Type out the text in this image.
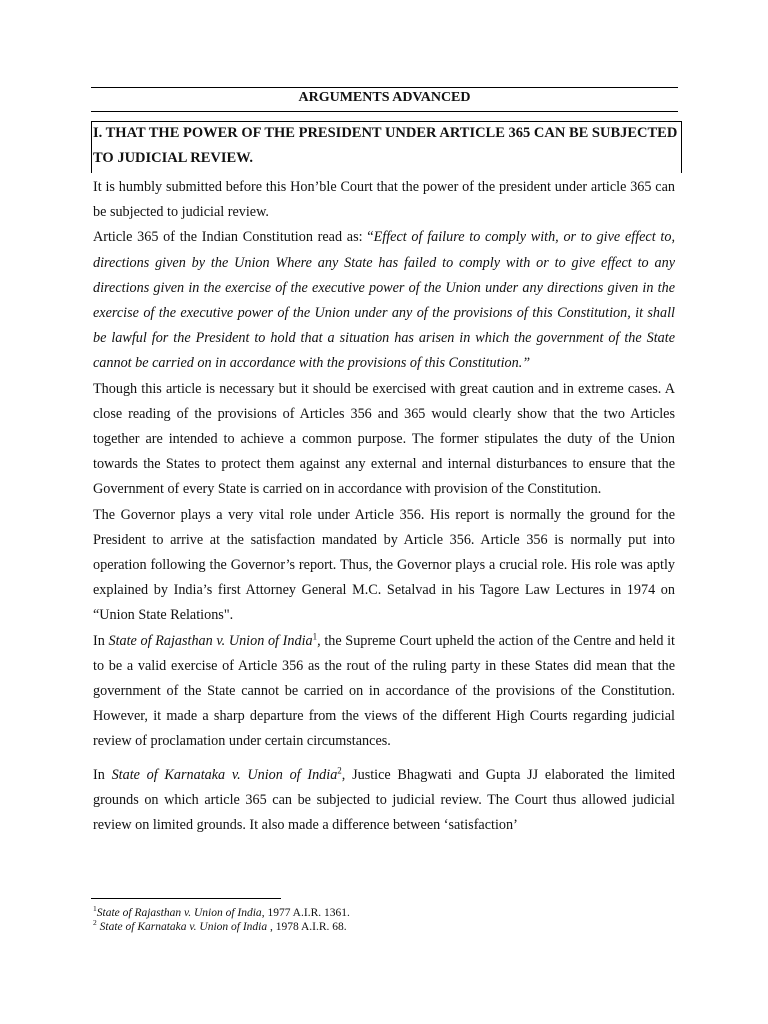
ARGUMENTS ADVANCED
I. THAT THE POWER OF THE PRESIDENT UNDER ARTICLE 365 CAN BE SUBJECTED TO JUDICIAL REVIEW.

It is humbly submitted before this Hon’ble Court that the power of the president under article 365 can be subjected to judicial review.

Article 365 of the Indian Constitution read as: “Effect of failure to comply with, or to give effect to, directions given by the Union Where any State has failed to comply with or to give effect to any directions given in the exercise of the executive power of the Union under any directions given in the exercise of the executive power of the Union under any of the provisions of this Constitution, it shall be lawful for the President to hold that a situation has arisen in which the government of the State cannot be carried on in accordance with the provisions of this Constitution.”

Though this article is necessary but it should be exercised with great caution and in extreme cases. A close reading of the provisions of Articles 356 and 365 would clearly show that the two Articles together are intended to achieve a common purpose. The former stipulates the duty of the Union towards the States to protect them against any external and internal disturbances to ensure that the Government of every State is carried on in accordance with provision of the Constitution.

The Governor plays a very vital role under Article 356. His report is normally the ground for the President to arrive at the satisfaction mandated by Article 356. Article 356 is normally put into operation following the Governor’s report. Thus, the Governor plays a crucial role. His role was aptly explained by India’s first Attorney General M.C. Setalvad in his Tagore Law Lectures in 1974 on “Union State Relations".

In State of Rajasthan v. Union of India$^1$, the Supreme Court upheld the action of the Centre and held it to be a valid exercise of Article 356 as the rout of the ruling party in these States did mean that the government of the State cannot be carried on in accordance of the provisions of the Constitution. However, it made a sharp departure from the views of the different High Courts regarding judicial review of proclamation under certain circumstances.

In State of Karnataka v. Union of India$^2$, Justice Bhagwati and Gupta JJ elaborated the limited grounds on which article 365 can be subjected to judicial review. The Court thus allowed judicial review on limited grounds. It also made a difference between ‘satisfaction’

$^1$State of Rajasthan v. Union of India, 1977 A.I.R. 1361.
$^2$ State of Karnataka v. Union of India , 1978 A.I.R. 68.
